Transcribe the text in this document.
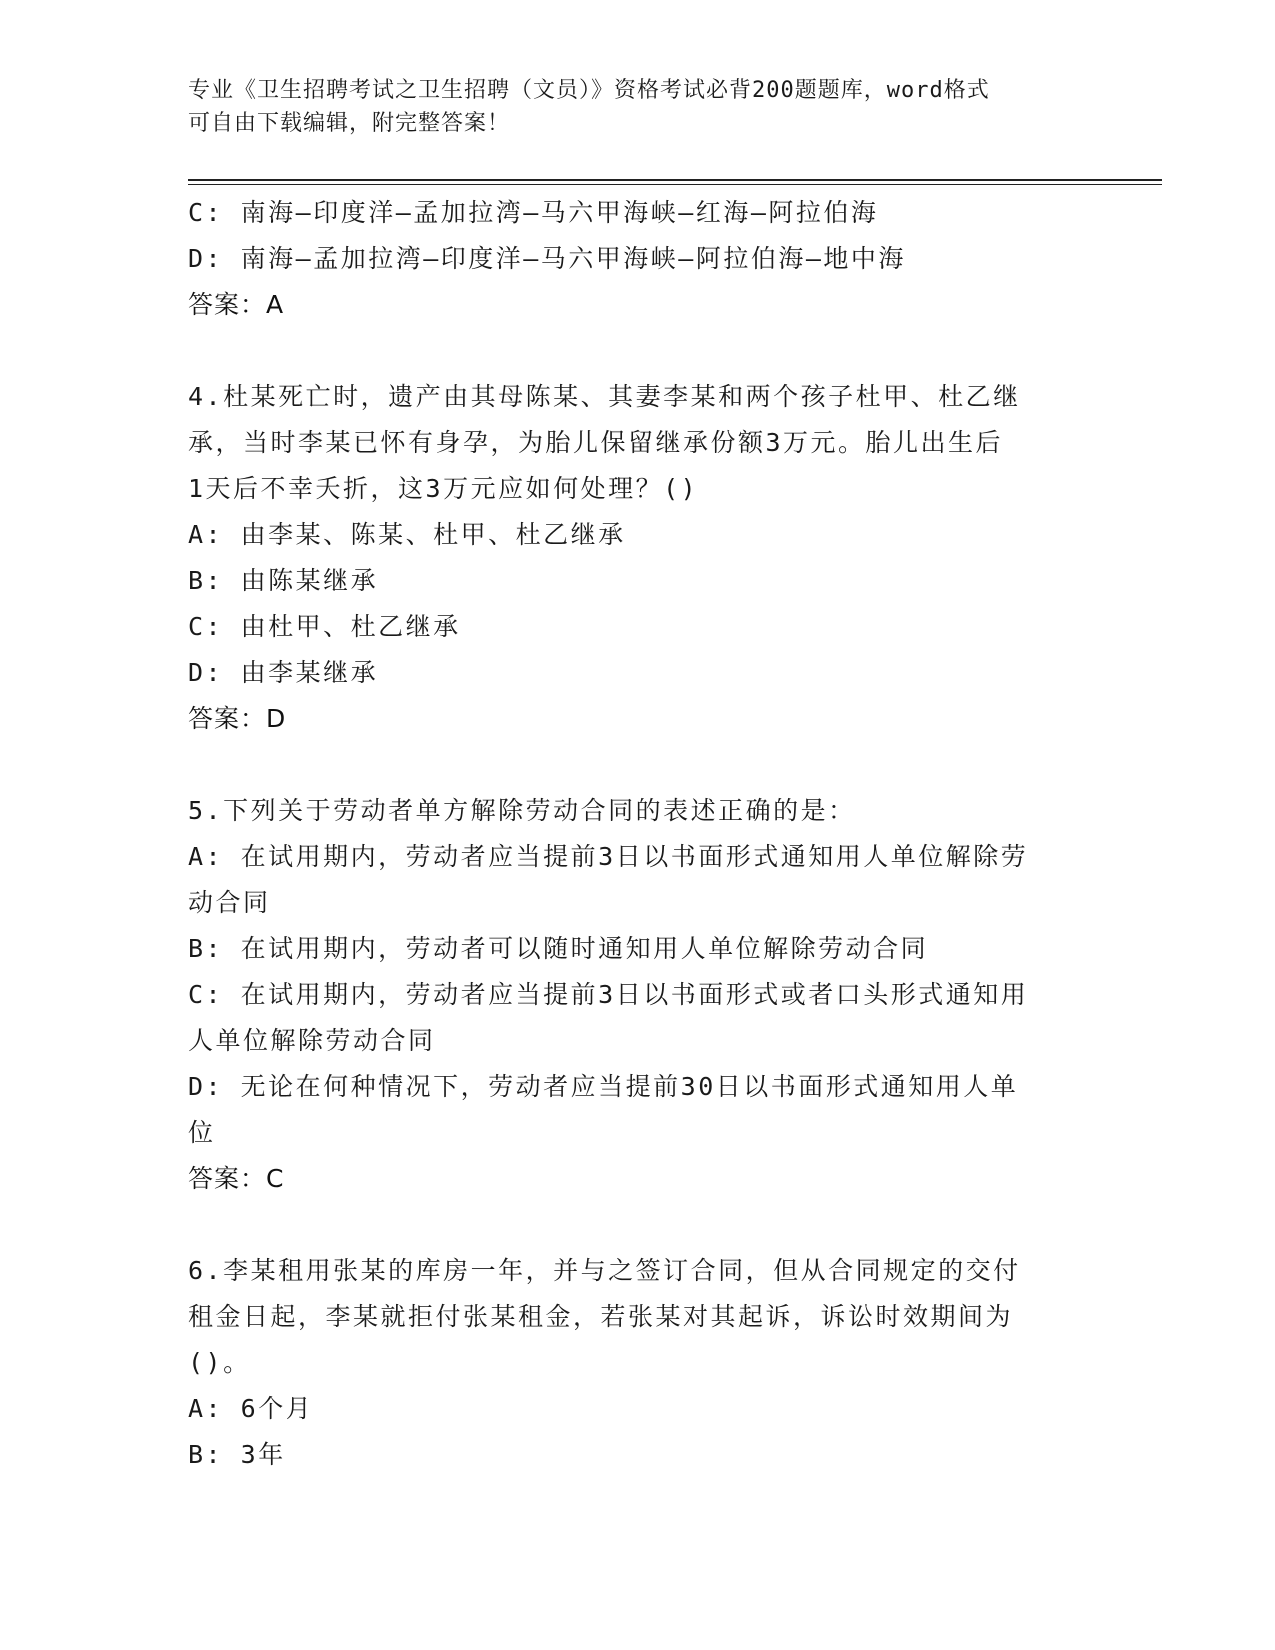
专业《卫生招聘考试之卫生招聘（文员）》资格考试必背200题题库，word格式
可自由下载编辑，附完整答案！
C: 南海—印度洋—孟加拉湾—马六甲海峡—红海—阿拉伯海
D: 南海—孟加拉湾—印度洋—马六甲海峡—阿拉伯海—地中海
答案：A
4.杜某死亡时，遗产由其母陈某、其妻李某和两个孩子杜甲、杜乙继
承，当时李某已怀有身孕，为胎儿保留继承份额3万元。胎儿出生后
1天后不幸夭折，这3万元应如何处理？()
A: 由李某、陈某、杜甲、杜乙继承
B: 由陈某继承
C: 由杜甲、杜乙继承
D: 由李某继承
答案：D
5.下列关于劳动者单方解除劳动合同的表述正确的是：
A: 在试用期内，劳动者应当提前3日以书面形式通知用人单位解除劳
动合同
B: 在试用期内，劳动者可以随时通知用人单位解除劳动合同
C: 在试用期内，劳动者应当提前3日以书面形式或者口头形式通知用
人单位解除劳动合同
D: 无论在何种情况下，劳动者应当提前30日以书面形式通知用人单
位
答案：C
6.李某租用张某的库房一年，并与之签订合同，但从合同规定的交付
租金日起，李某就拒付张某租金，若张某对其起诉，诉讼时效期间为
()。
A: 6个月
B: 3年
